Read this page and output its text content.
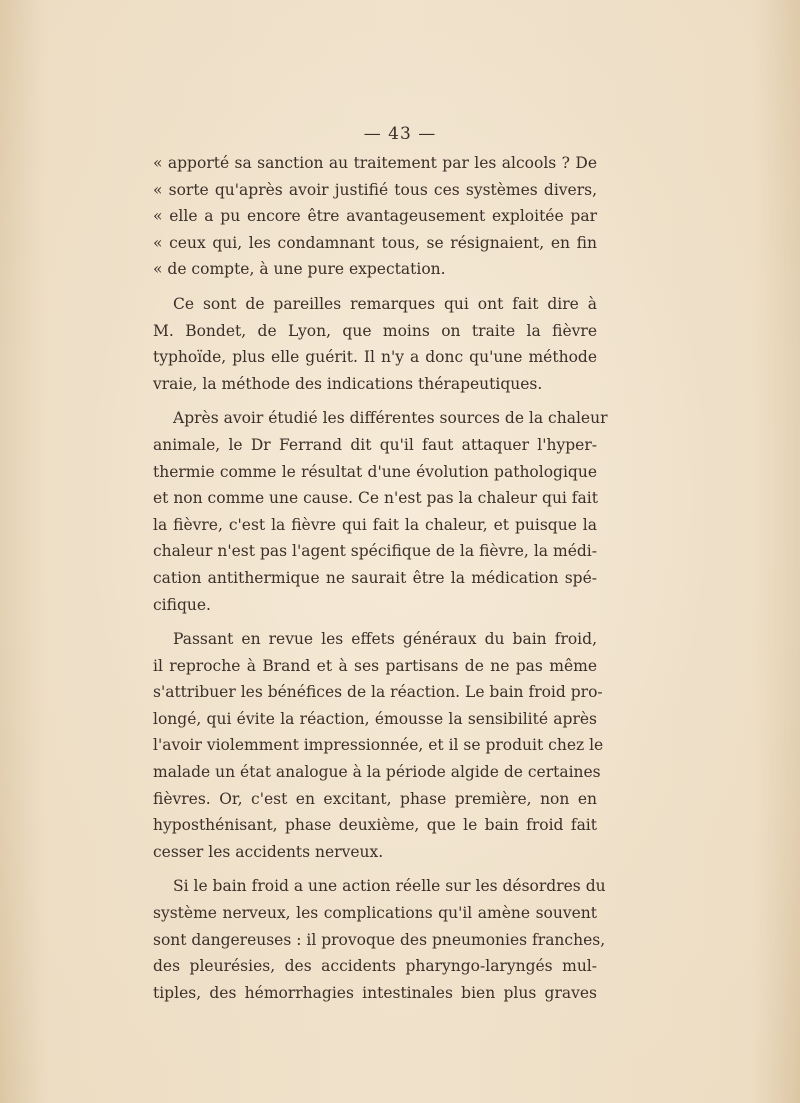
— 43 —
« apporté sa sanction au traitement par les alcools ? De
« sorte qu'après avoir justifié tous ces systèmes divers,
« elle a pu encore être avantageusement exploitée par
« ceux qui, les condamnant tous, se résignaient, en fin
« de compte, à une pure expectation.
Ce sont de pareilles remarques qui ont fait dire à
M. Bondet, de Lyon, que moins on traite la fièvre
typhoïde, plus elle guérit. Il n'y a donc qu'une méthode
vraie, la méthode des indications thérapeutiques.
Après avoir étudié les différentes sources de la chaleur
animale, le Dr Ferrand dit qu'il faut attaquer l'hyper-
thermie comme le résultat d'une évolution pathologique
et non comme une cause. Ce n'est pas la chaleur qui fait
la fièvre, c'est la fièvre qui fait la chaleur, et puisque la
chaleur n'est pas l'agent spécifique de la fièvre, la médi-
cation antithermique ne saurait être la médication spé-
cifique.
Passant en revue les effets généraux du bain froid,
il reproche à Brand et à ses partisans de ne pas même
s'attribuer les bénéfices de la réaction. Le bain froid pro-
longé, qui évite la réaction, émousse la sensibilité après
l'avoir violemment impressionnée, et il se produit chez le
malade un état analogue à la période algide de certaines
fièvres. Or, c'est en excitant, phase première, non en
hyposthénisant, phase deuxième, que le bain froid fait
cesser les accidents nerveux.
Si le bain froid a une action réelle sur les désordres du
système nerveux, les complications qu'il amène souvent
sont dangereuses : il provoque des pneumonies franches,
des pleurésies, des accidents pharyngo-laryngés mul-
tiples, des hémorrhagies intestinales bien plus graves
